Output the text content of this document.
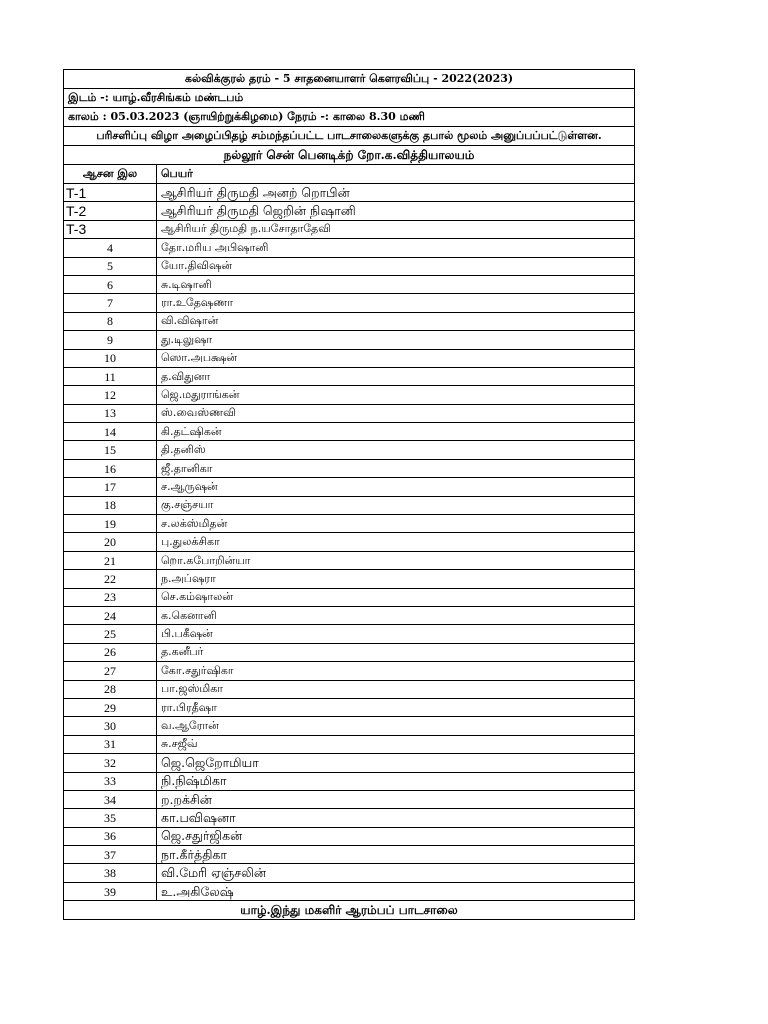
கல்விக்குரல் தரம் - 5 சாதனையாளர் கௌரவிப்பு - 2022(2023)	
இடம் -: யாழ்.வீரசிங்கம் மண்டபம்	
காலம் : 05.03.2023 (ஞாயிற்றுக்கிழமை) நேரம் -: காலை 8.30 மணி	
பரிசளிப்பு விழா அழைப்பிதழ் சம்மந்தப்பட்ட பாடசாலைகளுக்கு தபால் மூலம் அனுப்பப்பட்டுள்ளன.	
நல்லூர் சென் பெனடிக்ற் றோ.க.வித்தியாலயம்	
ஆசன இல	பெயர்
T-1	ஆசிரியர் திருமதி அனற் றொபின்
T-2	ஆசிரியர் திருமதி ஜெறின் நிஷானி
T-3	ஆசிரியர் திருமதி ந.யசோதாதேவி
4	தோ.மரிய அபிஷானி
5	யோ.திவிஷன்
6	சு.டிஷானி
7	ரா.உதேஷணா
8	வி.விஷான்
9	து.டிலுஷா
10	ஸொ.அபக்ஷன்
11	த.விதுனா
12	ஜெ.மதுராங்கன்
13	ஸ்.வைஸ்ணவி
14	கி.தட்ஷிகன்
15	தி.தனிஸ்
16	ஜீ.தானிகா
17	ச.ஆருஷன்
18	கு.சஞ்சயா
19	ச.லக்ஸ்மிதன்
20	பு.துலக்சிகா
21	றொ.கபோறின்யா
22	ந.அப்ஷரா
23	செ.கம்ஷாலன்
24	க.கெனானி
25	பி.பகீஷன்
26	த.கனீபர்
27	கோ.சதுர்ஷிகா
28	பா.ஜஸ்மிகா
29	ரா.பிரதீஷா
30	வ.ஆரோன்
31	சு.சஜீவ்
32	ஜெ.ஜெறோமியா
33	நி.நிஷ்மிகா
34	ற.றக்சின்
35	கா.பவிஷனா
36	ஜெ.சதுர்ஜிகன்
37	நா.கீர்த்திகா
38	வி.மேரி ஏஞ்சலின்
39	உ.அகிலேஷ்
யாழ்.இந்து மகளிர் ஆரம்பப் பாடசாலை	
